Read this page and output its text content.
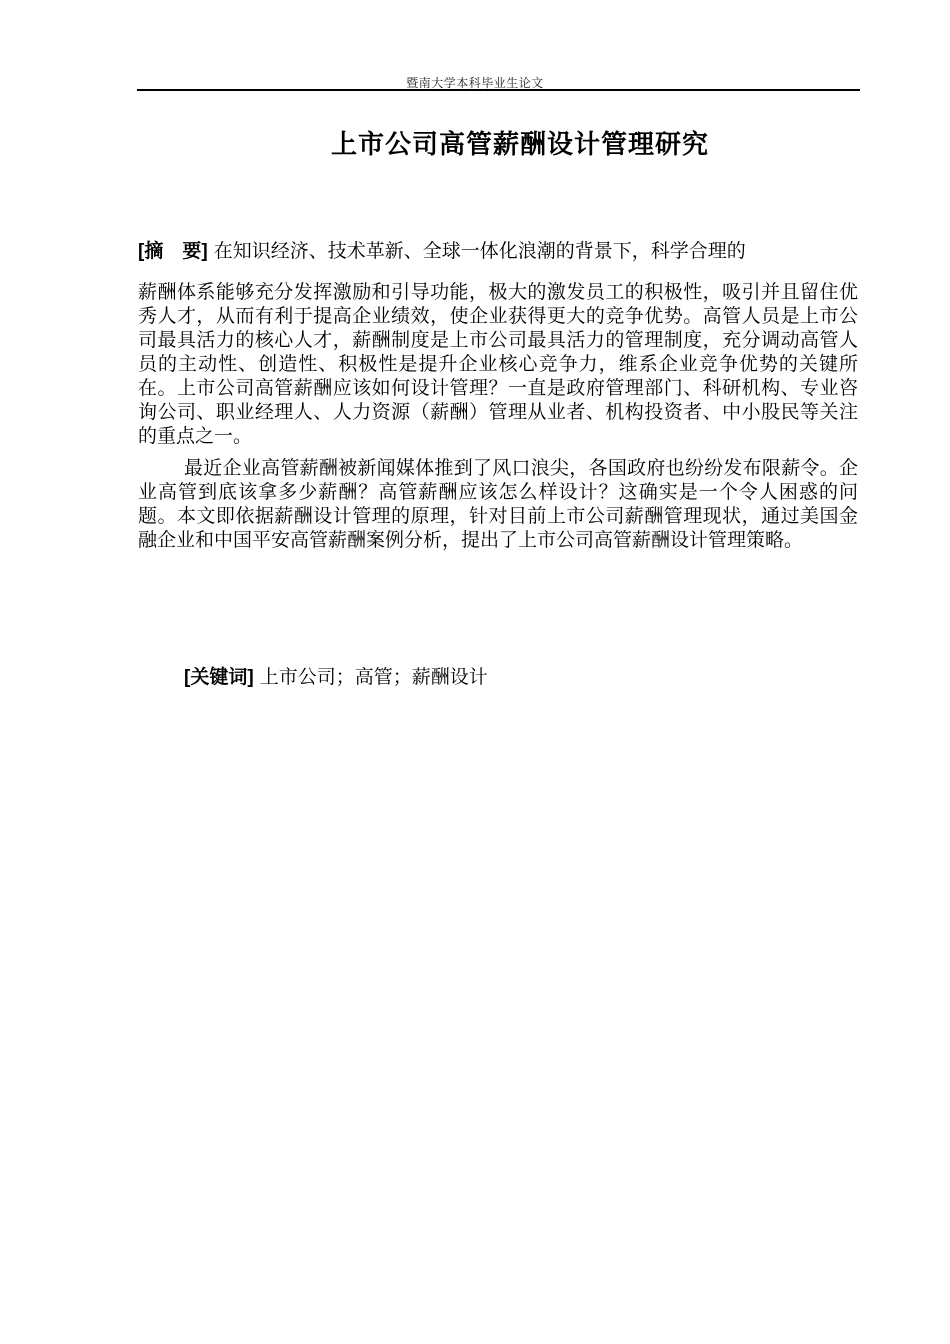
暨南大学本科毕业生论文
上市公司高管薪酬设计管理研究
[摘　要] 在知识经济、技术革新、全球一体化浪潮的背景下，科学合理的

薪酬体系能够充分发挥激励和引导功能，极大的激发员工的积极性，吸引并且留住优秀人才，从而有利于提高企业绩效，使企业获得更大的竞争优势。高管人员是上市公司最具活力的核心人才，薪酬制度是上市公司最具活力的管理制度，充分调动高管人员的主动性、创造性、积极性是提升企业核心竞争力，维系企业竞争优势的关键所在。上市公司高管薪酬应该如何设计管理？一直是政府管理部门、科研机构、专业咨询公司、职业经理人、人力资源（薪酬）管理从业者、机构投资者、中小股民等关注的重点之一。

最近企业高管薪酬被新闻媒体推到了风口浪尖，各国政府也纷纷发布限薪令。企业高管到底该拿多少薪酬？高管薪酬应该怎么样设计？这确实是一个令人困惑的问题。本文即依据薪酬设计管理的原理，针对目前上市公司薪酬管理现状，通过美国金融企业和中国平安高管薪酬案例分析，提出了上市公司高管薪酬设计管理策略。

[关键词] 上市公司；高管；薪酬设计
